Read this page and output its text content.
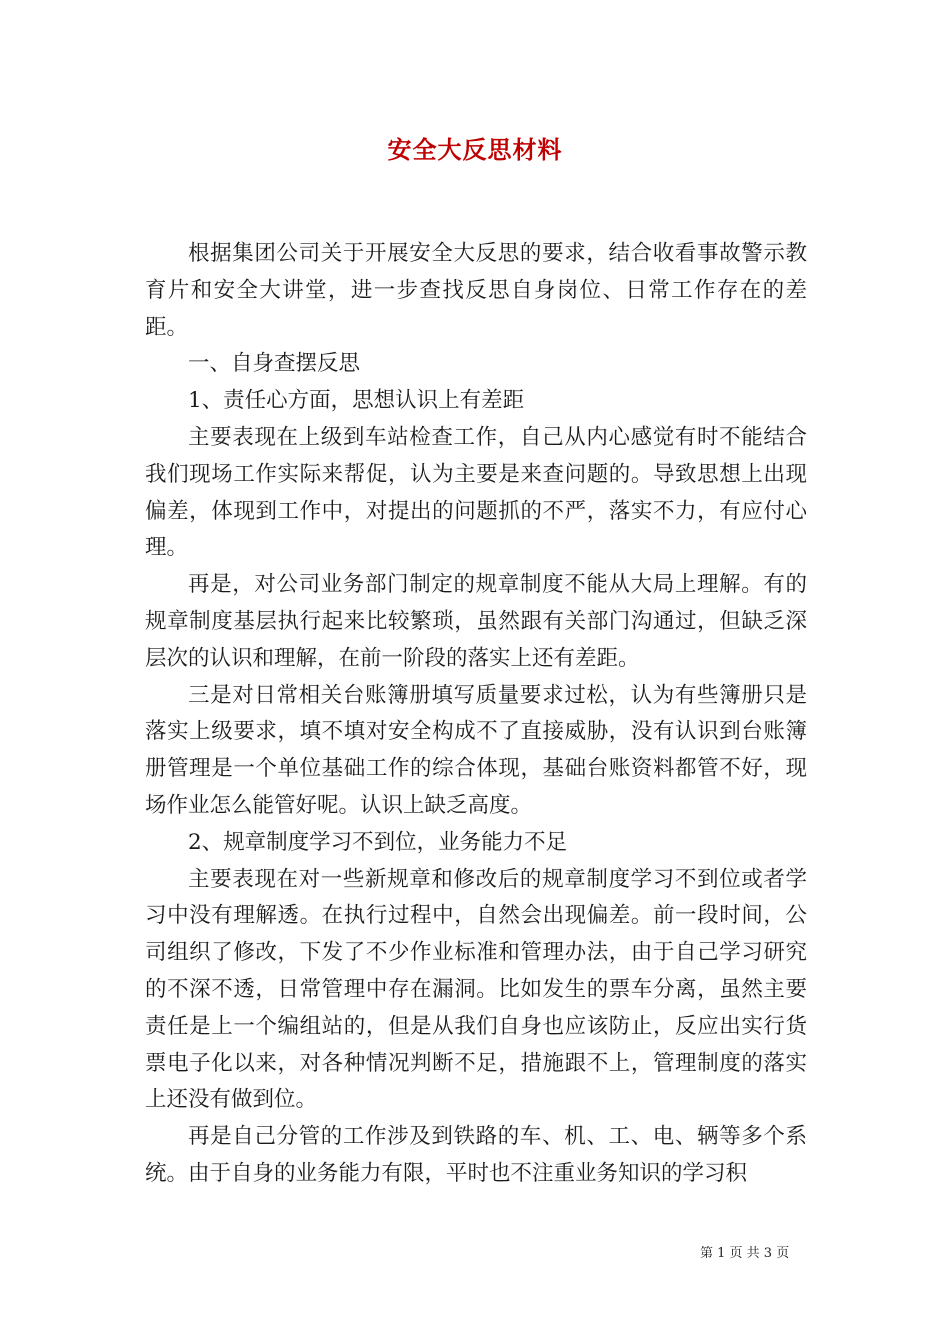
安全大反思材料

根据集团公司关于开展安全大反思的要求，结合收看事故警示教育片和安全大讲堂，进一步查找反思自身岗位、日常工作存在的差距。

一、自身查摆反思

1、责任心方面，思想认识上有差距

主要表现在上级到车站检查工作，自己从内心感觉有时不能结合我们现场工作实际来帮促，认为主要是来查问题的。导致思想上出现偏差，体现到工作中，对提出的问题抓的不严，落实不力，有应付心理。

再是，对公司业务部门制定的规章制度不能从大局上理解。有的规章制度基层执行起来比较繁琐，虽然跟有关部门沟通过，但缺乏深层次的认识和理解，在前一阶段的落实上还有差距。

三是对日常相关台账簿册填写质量要求过松，认为有些簿册只是落实上级要求，填不填对安全构成不了直接威胁，没有认识到台账簿册管理是一个单位基础工作的综合体现，基础台账资料都管不好，现场作业怎么能管好呢。认识上缺乏高度。

2、规章制度学习不到位，业务能力不足

主要表现在对一些新规章和修改后的规章制度学习不到位或者学习中没有理解透。在执行过程中，自然会出现偏差。前一段时间，公司组织了修改，下发了不少作业标准和管理办法，由于自己学习研究的不深不透，日常管理中存在漏洞。比如发生的票车分离，虽然主要责任是上一个编组站的，但是从我们自身也应该防止，反应出实行货票电子化以来，对各种情况判断不足，措施跟不上，管理制度的落实上还没有做到位。

再是自己分管的工作涉及到铁路的车、机、工、电、辆等多个系统。由于自身的业务能力有限，平时也不注重业务知识的学习积

第 1 页 共 3 页
